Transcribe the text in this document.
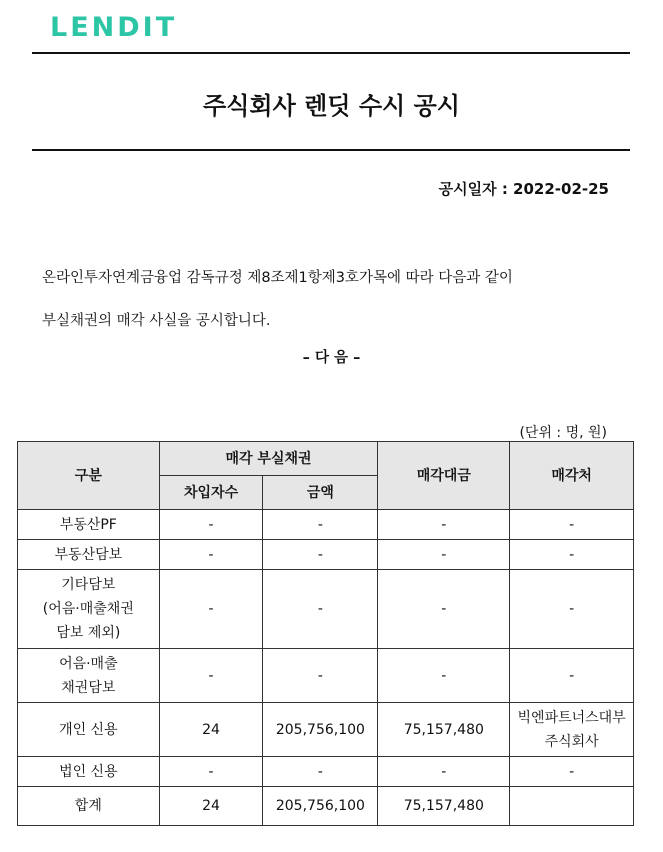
LENDIT
주식회사 렌딧 수시 공시
공시일자 : 2022-02-25
온라인투자연계금융업 감독규정 제8조제1항제3호가목에 따라 다음과 같이
부실채권의 매각 사실을 공시합니다.
– 다 음 –
(단위 : 명, 원)
구분	매각 부실채권		매각대금	매각처
	차입자수	금액		
부동산PF	-	-	-	-
부동산담보	-	-	-	-

기타담보
(어음·매출채권
담보 제외)	-	-	-	-

어음·매출
채권담보	-	-	-	-
개인 신용	24	205,756,100	75,157,480	빅엔파트너스대부
주식회사

법인 신용	-	-	-	-
합계	24	205,756,100	75,157,480	
